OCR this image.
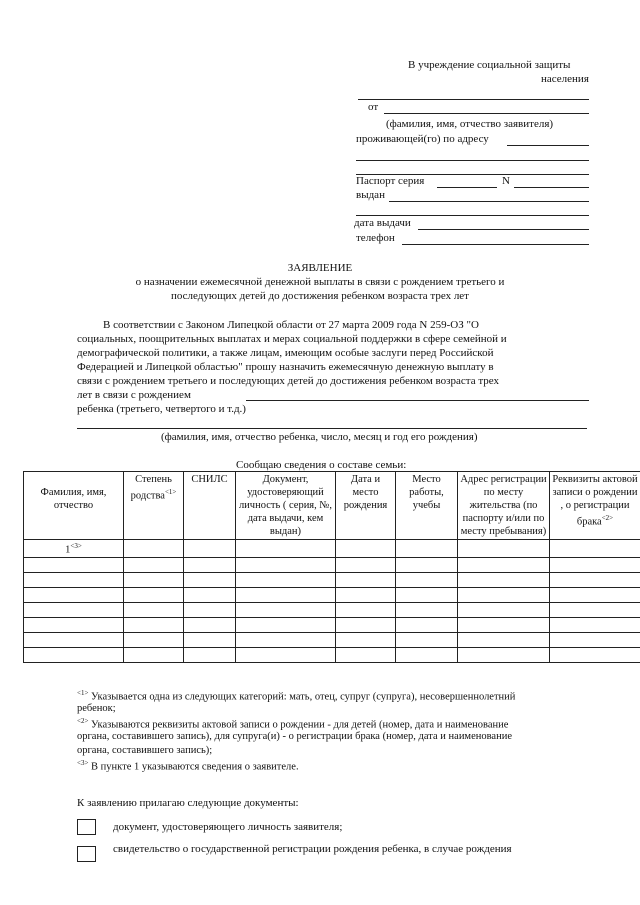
В учреждение социальной защиты
населения
от
(фамилия, имя, отчество заявителя)
проживающей(го) по адресу
Паспорт серия	N
выдан
дата выдачи
телефон
ЗАЯВЛЕНИЕ
о назначении ежемесячной денежной выплаты в связи с рождением третьего и
последующих детей до достижения ребенком возраста трех лет
В соответствии с Законом Липецкой области от 27 марта 2009 года N 259-ОЗ "О
социальных, поощрительных выплатах и мерах социальной поддержки в сфере семейной и
демографической политики, а также лицам, имеющим особые заслуги перед Российской
Федерацией и Липецкой областью" прошу назначить ежемесячную денежную выплату в
связи с рождением третьего и последующих детей до достижения ребенком возраста трех
лет в связи с рождением
ребенка (третьего, четвертого и т.д.)
(фамилия, имя, отчество ребенка, число, месяц и год его рождения)
Сообщаю сведения о составе семьи:
Фамилия, имя, отчество	Степень родства$^{<1>}$	СНИЛС	Документ, удостоверяющий личность ( серия, №, дата выдачи, кем выдан)	Дата и место рождения	Место работы, учебы	Адрес регистрации по месту жительства (по паспорту и/или по месту пребывания)	Реквизиты актовой записи о рождении , о регистрации брака$^{<2>}$
$1^{<3>}$							

$^{<1>}$ Указывается одна из следующих категорий: мать, отец, супруг (супруга), несовершеннолетний
ребенок;
$^{<2>}$ Указываются реквизиты актовой записи о рождении - для детей (номер, дата и наименование
органа, составившего запись), для супруга(и) - о регистрации брака (номер, дата и наименование
органа, составившего запись);
$^{<3>}$ В пункте 1 указываются сведения о заявителе.
К заявлению прилагаю следующие документы:
документ, удостоверяющего личность заявителя;
свидетельство о государственной регистрации рождения ребенка, в случае рождения
